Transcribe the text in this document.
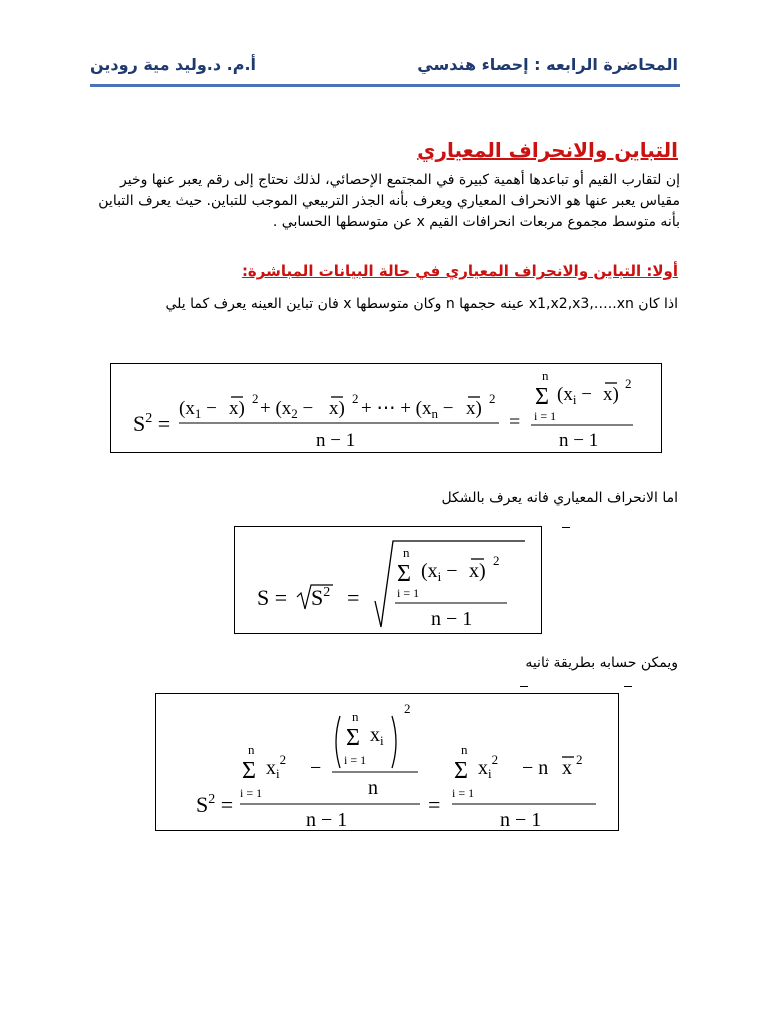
أ.م. د.وليد مية رودين	المحاضرة الرابعه : إحصاء هندسي
التباين والانحراف المعياري
إن لتقارب القيم أو تباعدها أهمية كبيرة في المجتمع الإحصائي، لذلك نحتاج إلى رقم يعبر عنها وخير
مقياس يعبر عنها هو الانحراف المعياري ويعرف بأنه الجذر التربيعي الموجب للتباين. حيث يعرف التباين
بأنه متوسط مجموع مربعات انحرافات القيم x عن متوسطها الحسابي .
أولا: التباين والانحراف المعياري في حالة البيانات المباشرة:
اذا كان x1,x2,x3,…..xn عينه حجمها n وكان متوسطها x فان تباين العينه يعرف كما يلي
$S^2$ =
$(x_1 - x) 2 + (x_2 - x) 2$ + ⋯ + $(x_n - x)$ 2
n − 1
=
n
Σ $(x_i - x)$
2
i = 1
n − 1
اما الانحراف المعياري فانه يعرف بالشكل
$S = S^2$ =
n
Σ $(x_i - x)$ 2
i = 1
n − 1
ويمكن حسابه بطريقة ثانيه
$S^2$ =
n
Σ $x_i^2$
i = 1
−
n
Σ $x_i$
i = 1
2
n
n − 1
=
n
Σ $x_i^2$
i = 1
− n x 2
n − 1
